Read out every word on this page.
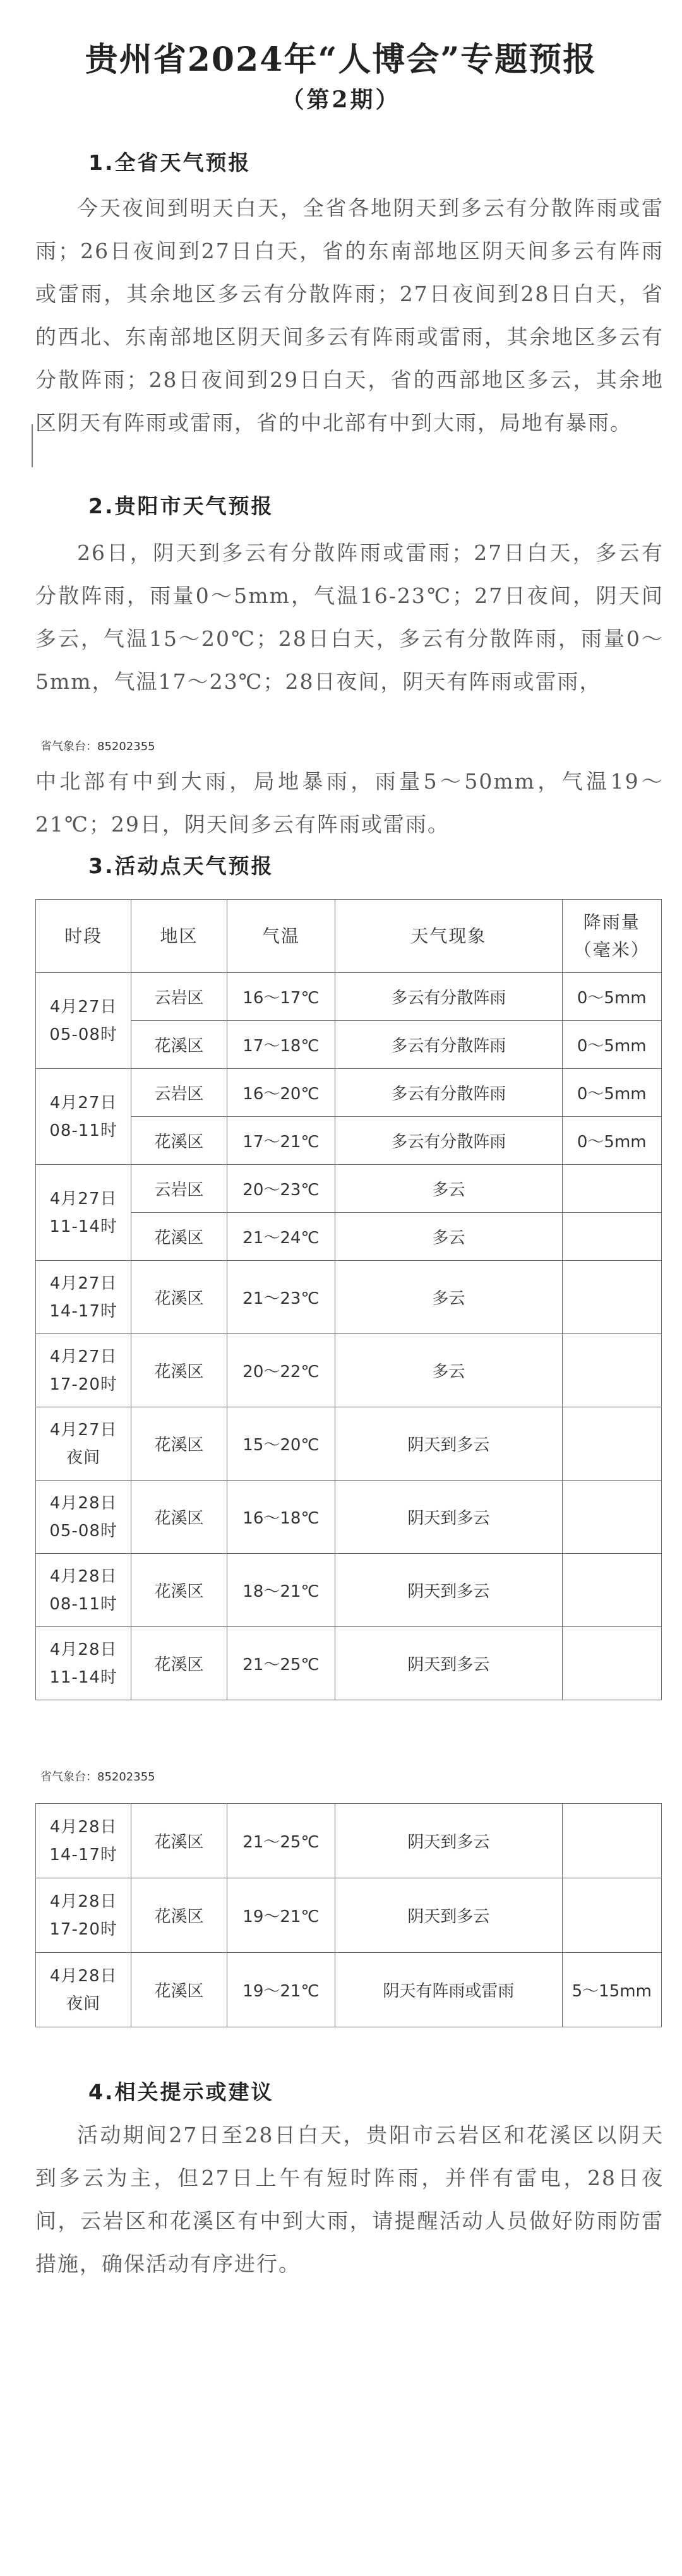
贵州省2024年“人博会”专题预报
（第2期）
1.全省天气预报
今天夜间到明天白天，全省各地阴天到多云有分散阵雨或雷雨；26日夜间到27日白天，省的东南部地区阴天间多云有阵雨或雷雨，其余地区多云有分散阵雨；27日夜间到28日白天，省的西北、东南部地区阴天间多云有阵雨或雷雨，其余地区多云有分散阵雨；28日夜间到29日白天，省的西部地区多云，其余地区阴天有阵雨或雷雨，省的中北部有中到大雨，局地有暴雨。
2.贵阳市天气预报
26日，阴天到多云有分散阵雨或雷雨；27日白天，多云有分散阵雨，雨量0～5mm，气温16-23℃；27日夜间，阴天间多云，气温15～20℃；28日白天，多云有分散阵雨，雨量0～5mm，气温17～23℃；28日夜间，阴天有阵雨或雷雨，
省气象台：85202355
中北部有中到大雨，局地暴雨，雨量5～50mm，气温19～21℃；29日，阴天间多云有阵雨或雷雨。
3.活动点天气预报
时段	地区	气温	天气现象	降雨量
（毫米）
4月27日
05-08时	云岩区	16～17℃	多云有分散阵雨	0～5mm
	花溪区	17～18℃	多云有分散阵雨	0～5mm
4月27日
08-11时	云岩区	16～20℃	多云有分散阵雨	0～5mm
	花溪区	17～21℃	多云有分散阵雨	0～5mm
4月27日
11-14时	云岩区	20～23℃	多云	
	花溪区	21～24℃	多云	
4月27日
14-17时	花溪区	21～23℃	多云	
4月27日
17-20时	花溪区	20～22℃	多云	
4月27日
夜间	花溪区	15～20℃	阴天到多云	
4月28日
05-08时	花溪区	16～18℃	阴天到多云	
4月28日
08-11时	花溪区	18～21℃	阴天到多云	
4月28日
11-14时	花溪区	21～25℃	阴天到多云	
省气象台：85202355
4月28日
14-17时	花溪区	21～25℃	阴天到多云	
4月28日
17-20时	花溪区	19～21℃	阴天到多云	
4月28日
夜间	花溪区	19～21℃	阴天有阵雨或雷雨	5～15mm
4.相关提示或建议
活动期间27日至28日白天，贵阳市云岩区和花溪区以阴天到多云为主，但27日上午有短时阵雨，并伴有雷电，28日夜间，云岩区和花溪区有中到大雨，请提醒活动人员做好防雨防雷措施，确保活动有序进行。
